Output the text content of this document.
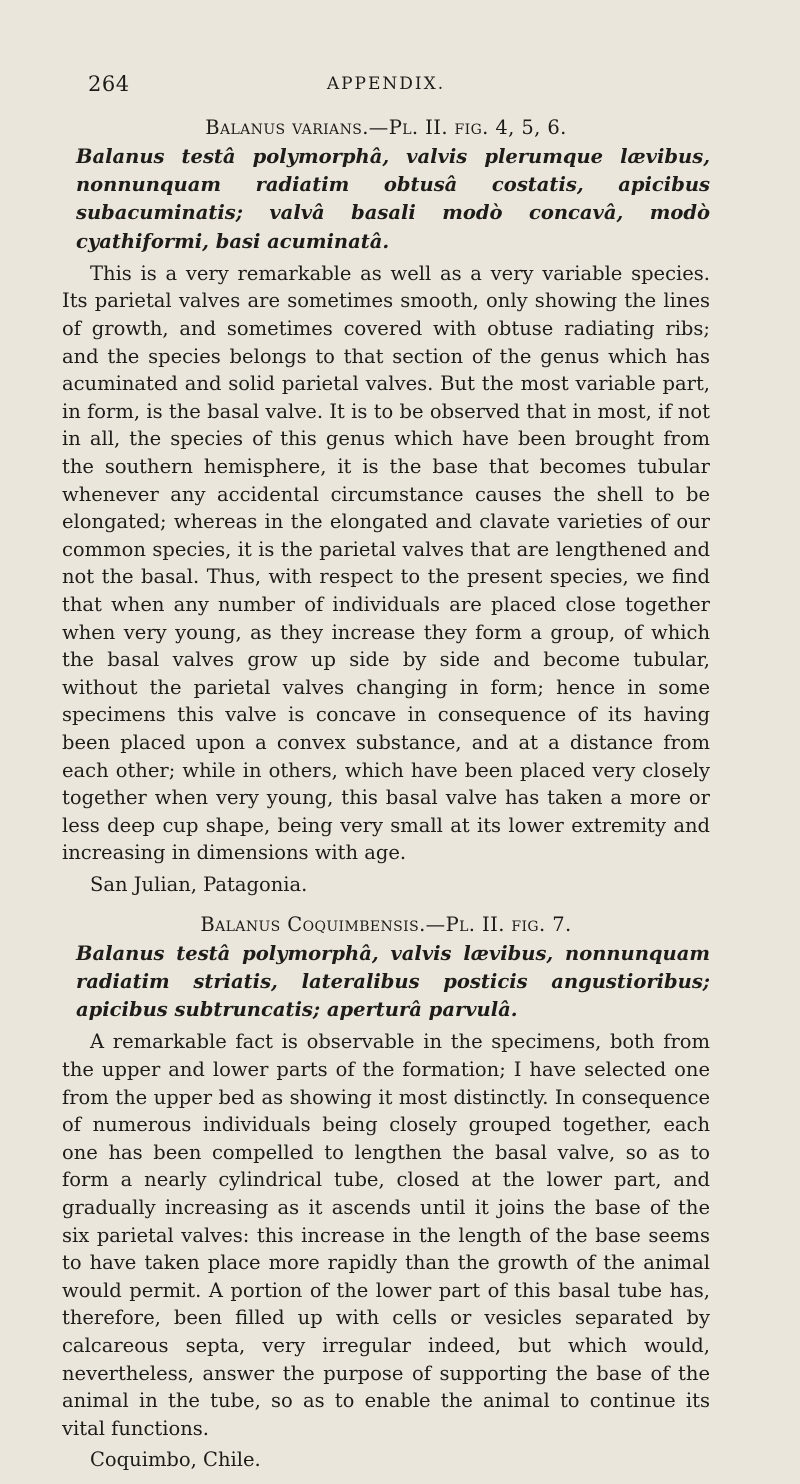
264	APPENDIX.
Balanus varians.—Pl. II. fig. 4, 5, 6.

Balanus testâ polymorphâ, valvis plerumque lævibus, nonnunquam radiatim obtusâ costatis, apicibus subacuminatis; valvâ basali modò concavâ, modò cyathiformi, basi acuminatâ.

This is a very remarkable as well as a very variable species. Its parietal valves are sometimes smooth, only showing the lines of growth, and sometimes covered with obtuse radiating ribs; and the species belongs to that section of the genus which has acuminated and solid parietal valves. But the most variable part, in form, is the basal valve. It is to be observed that in most, if not in all, the species of this genus which have been brought from the southern hemisphere, it is the base that becomes tubular whenever any accidental circumstance causes the shell to be elongated; whereas in the elongated and clavate varieties of our common species, it is the parietal valves that are lengthened and not the basal. Thus, with respect to the present species, we find that when any number of individuals are placed close together when very young, as they increase they form a group, of which the basal valves grow up side by side and become tubular, without the parietal valves changing in form; hence in some specimens this valve is concave in consequence of its having been placed upon a convex substance, and at a distance from each other; while in others, which have been placed very closely together when very young, this basal valve has taken a more or less deep cup shape, being very small at its lower extremity and increasing in dimensions with age.

San Julian, Patagonia.

Balanus Coquimbensis.—Pl. II. fig. 7.

Balanus testâ polymorphâ, valvis lævibus, nonnunquam radiatim striatis, lateralibus posticis angustioribus; apicibus subtruncatis; aperturâ parvulâ.

A remarkable fact is observable in the specimens, both from the upper and lower parts of the formation; I have selected one from the upper bed as showing it most distinctly. In consequence of numerous individuals being closely grouped together, each one has been compelled to lengthen the basal valve, so as to form a nearly cylindrical tube, closed at the lower part, and gradually increasing as it ascends until it joins the base of the six parietal valves: this increase in the length of the base seems to have taken place more rapidly than the growth of the animal would permit. A portion of the lower part of this basal tube has, therefore, been filled up with cells or vesicles separated by calcareous septa, very irregular indeed, but which would, nevertheless, answer the purpose of supporting the base of the animal in the tube, so as to enable the animal to continue its vital functions.

Coquimbo, Chile.
